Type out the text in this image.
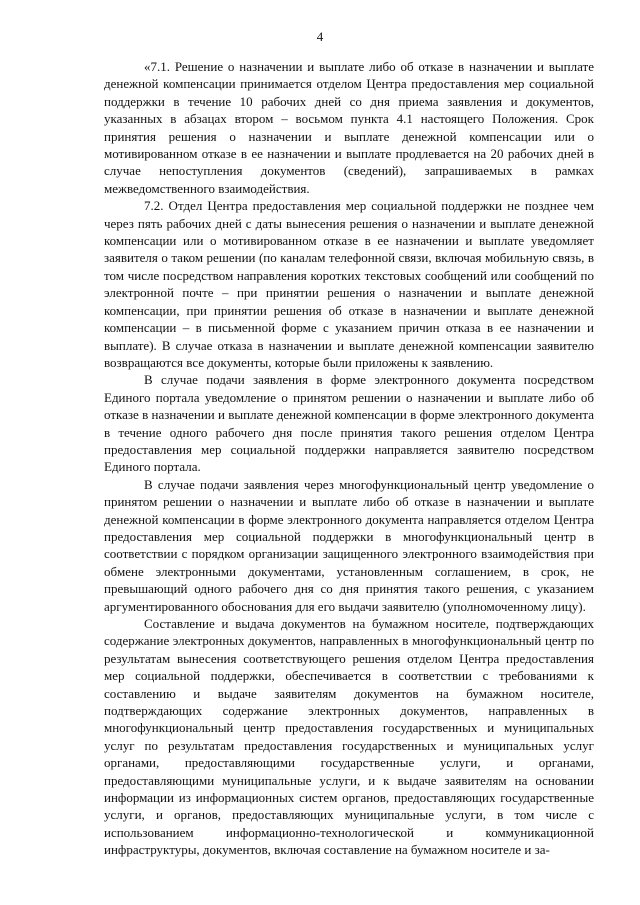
4

«7.1. Решение о назначении и выплате либо об отказе в назначении и выплате денежной компенсации принимается отделом Центра предоставления мер социальной поддержки в течение 10 рабочих дней со дня приема заявления и документов, указанных в абзацах втором – восьмом пункта 4.1 настоящего Положения. Срок принятия решения о назначении и выплате денежной компенсации или о мотивированном отказе в ее назначении и выплате продлевается на 20 рабочих дней в случае непоступления документов (сведений), запрашиваемых в рамках межведомственного взаимодействия.

7.2. Отдел Центра предоставления мер социальной поддержки не позднее чем через пять рабочих дней с даты вынесения решения о назначении и выплате денежной компенсации или о мотивированном отказе в ее назначении и выплате уведомляет заявителя о таком решении (по каналам телефонной связи, включая мобильную связь, в том числе посредством направления коротких текстовых сообщений или сообщений по электронной почте – при принятии решения о назначении и выплате денежной компенсации, при принятии решения об отказе в назначении и выплате денежной компенсации – в письменной форме с указанием причин отказа в ее назначении и выплате). В случае отказа в назначении и выплате денежной компенсации заявителю возвращаются все документы, которые были приложены к заявлению.

В случае подачи заявления в форме электронного документа посредством Единого портала уведомление о принятом решении о назначении и выплате либо об отказе в назначении и выплате денежной компенсации в форме электронного документа в течение одного рабочего дня после принятия такого решения отделом Центра предоставления мер социальной поддержки направляется заявителю посредством Единого портала.

В случае подачи заявления через многофункциональный центр уведомление о принятом решении о назначении и выплате либо об отказе в назначении и выплате денежной компенсации в форме электронного документа направляется отделом Центра предоставления мер социальной поддержки в многофункциональный центр в соответствии с порядком организации защищенного электронного взаимодействия при обмене электронными документами, установленным соглашением, в срок, не превышающий одного рабочего дня со дня принятия такого решения, с указанием аргументированного обоснования для его выдачи заявителю (уполномоченному лицу).

Составление и выдача документов на бумажном носителе, подтверждающих содержание электронных документов, направленных в многофункциональный центр по результатам вынесения соответствующего решения отделом Центра предоставления мер социальной поддержки, обеспечивается в соответствии с требованиями к составлению и выдаче заявителям документов на бумажном носителе, подтверждающих содержание электронных документов, направленных в многофункциональный центр предоставления государственных и муниципальных услуг по результатам предоставления государственных и муниципальных услуг органами, предоставляющими государственные услуги, и органами, предоставляющими муниципальные услуги, и к выдаче заявителям на основании информации из информационных систем органов, предоставляющих государственные услуги, и органов, предоставляющих муниципальные услуги, в том числе с использованием информационно-технологической и коммуникационной инфраструктуры, документов, включая составление на бумажном носителе и за-
